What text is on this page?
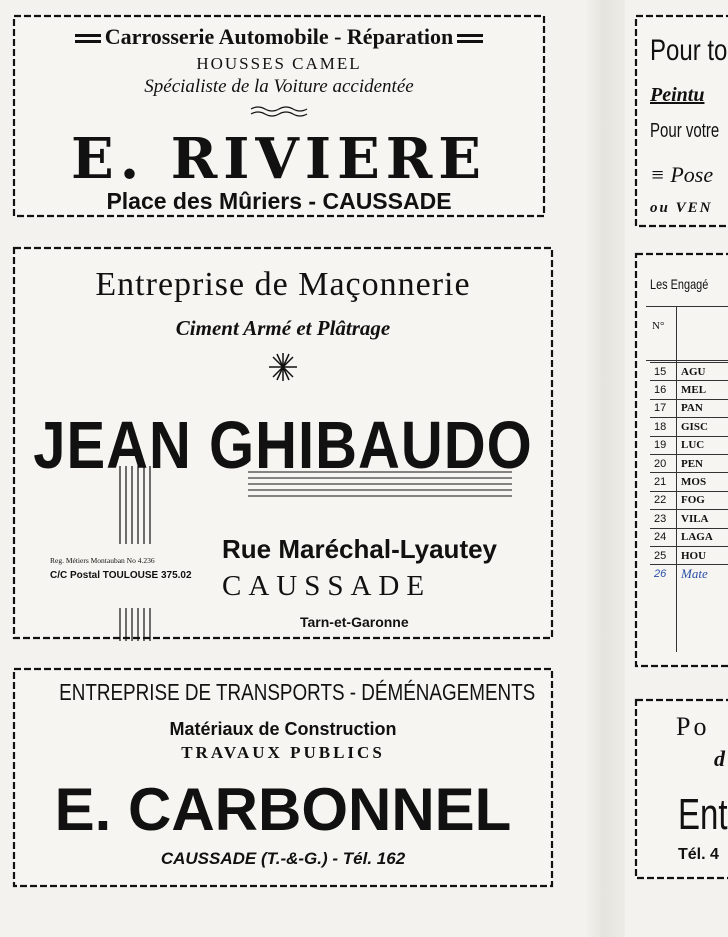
Carrosserie Automobile - Réparation
HOUSSES CAMEL
Spécialiste de la Voiture accidentée
E. RIVIERE
Place des Mûriers - CAUSSADE
Entreprise de Maçonnerie
Ciment Armé et Plâtrage
JEAN GHIBAUDO
Reg. Métiers Montauban No 4.236
C/C Postal TOULOUSE 375.02
Rue Maréchal-Lyautey
CAUSSADE
Tarn-et-Garonne
ENTREPRISE DE TRANSPORTS - DÉMÉNAGEMENTS
Matériaux de Construction
TRAVAUX PUBLICS
E. CARBONNEL
CAUSSADE (T.-&-G.) - Tél. 162
Pour to
Peintu
Pour votre
≡ Pose
ou VEN
Les Engagé
N°
15	AGU
16	MEL
17	PAN
18	GISC
19	LUC
20	PEN
21	MOS
22	FOG
23	VILA
24	LAGA
25	HOU
26	Mate
Po
d
Ent
Tél. 4
